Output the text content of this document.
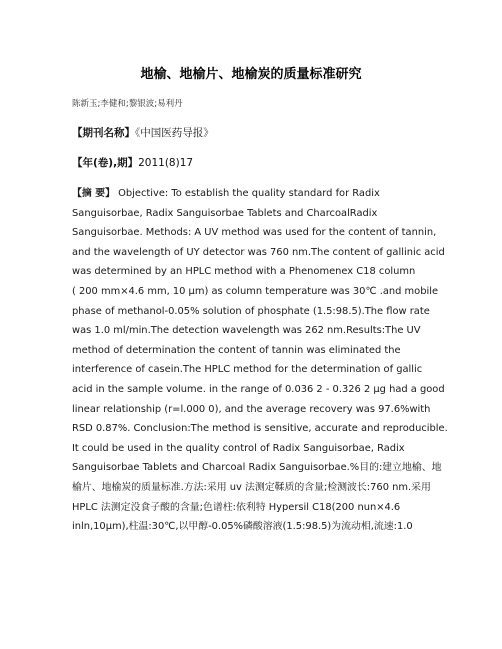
地榆、地榆片、地榆炭的质量标准研究
陈新玉;李健和;黎银波;易利丹
【期刊名称】《中国医药导报》
【年(卷),期】2011(8)17
【摘 要】 Objective: To establish the quality standard for Radix
Sanguisorbae, Radix Sanguisorbae Tablets and CharcoalRadix
Sanguisorbae. Methods: A UV method was used for the content of tannin,
and the wavelength of UY detector was 760 nm.The content of gallinic acid
was determined by an HPLC method with a Phenomenex C18 column
( 200 mm×4.6 mm, 10 μm) as column temperature was 30℃ .and mobile
phase of methanol-0.05% solution of phosphate (1.5:98.5).The flow rate
was 1.0 ml/min.The detection wavelength was 262 nm.Results:The UV
method of determination the content of tannin was eliminated the
interference of casein.The HPLC method for the determination of gallic
acid in the sample volume. in the range of 0.036 2 - 0.326 2 μg had a good
linear relationship (r=l.000 0), and the average recovery was 97.6%with
RSD 0.87%. Conclusion:The method is sensitive, accurate and reproducible.
It could be used in the quality control of Radix Sanguisorbae, Radix
Sanguisorbae Tablets and Charcoal Radix Sanguisorbae.%目的:建立地榆、地
榆片、地榆炭的质量标准.方法:采用 uv 法测定鞣质的含量;检测波长:760 nm.采用
HPLC 法测定没食子酸的含量;色谱柱:依利特 Hypersil C18(200 nun×4.6
inln,10μm),柱温:30℃,以甲醇-0.05%磷酸溶液(1.5:98.5)为流动相,流速:1.0
